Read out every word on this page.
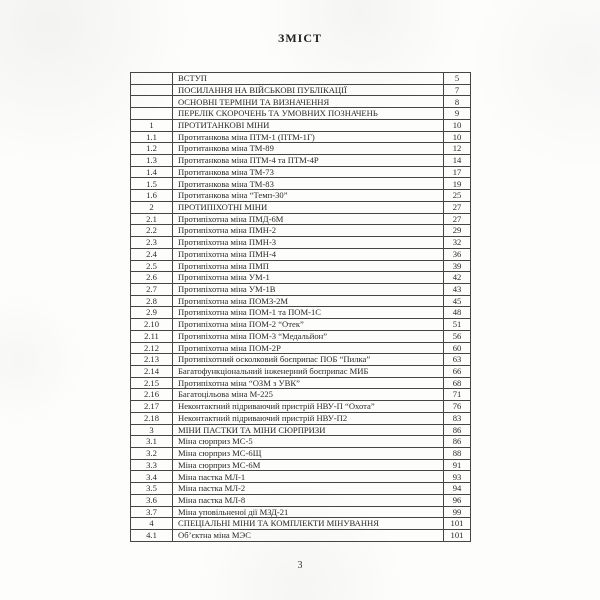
ЗМІСТ
	ВСТУП	5
	ПОСИЛАННЯ НА ВІЙСЬКОВІ ПУБЛІКАЦІЇ	7
	ОСНОВНІ ТЕРМІНИ ТА ВИЗНАЧЕННЯ	8
	ПЕРЕЛІК СКОРОЧЕНЬ ТА УМОВНИХ ПОЗНАЧЕНЬ	9
1	ПРОТИТАНКОВІ МІНИ	10
1.1	Протитанкова міна ПТМ-1 (ПТМ-1Г)	10
1.2	Протитанкова міна ТМ-89	12
1.3	Протитанкова міна ПТМ-4 та ПТМ-4Р	14
1.4	Протитанкова міна ТМ-73	17
1.5	Протитанкова міна ТМ-83	19
1.6	Протитанкова міна “Темп-30”	25
2	ПРОТИПІХОТНІ МІНИ	27
2.1	Протипіхотна міна ПМД-6М	27
2.2	Протипіхотна міна ПМН-2	29
2.3	Протипіхотна міна ПМН-3	32
2.4	Протипіхотна міна ПМН-4	36
2.5	Протипіхотна міна ПМП	39
2.6	Протипіхотна міна УМ-1	42
2.7	Протипіхотна міна УМ-1В	43
2.8	Протипіхотна міна ПОМЗ-2М	45
2.9	Протипіхотна міна ПОМ-1 та ПОМ-1С	48
2.10	Протипіхотна міна ПОМ-2 “Отек”	51
2.11	Протипіхотна міна ПОМ-3 “Медальйон”	56
2.12	Протипіхотна міна ПОМ-2Р	60
2.13	Протипіхотний осколковий боєприпас ПОБ “Пилка”	63
2.14	Багатофункціональний інженерний боєприпас МИБ	66
2.15	Протипіхотна міна “ОЗМ з УВК”	68
2.16	Багатоцільова міна М-225	71
2.17	Неконтактний підриваючий пристрій НВУ-П “Охота”	76
2.18	Неконтактний підриваючий пристрій НВУ-П2	83
3	МІНИ ПАСТКИ ТА МІНИ СЮРПРИЗИ	86
3.1	Міна сюрприз МС-5	86
3.2	Міна сюрприз МС-6Щ	88
3.3	Міна сюрприз МС-6М	91
3.4	Міна пастка МЛ-1	93
3.5	Міна пастка МЛ-2	94
3.6	Міна пастка МЛ-8	96
3.7	Міна уповільненої дії МЗД-21	99
4	СПЕЦІАЛЬНІ МІНИ ТА КОМПЛЕКТИ МІНУВАННЯ	101
4.1	Об’єктна міна МЭС	101
3
